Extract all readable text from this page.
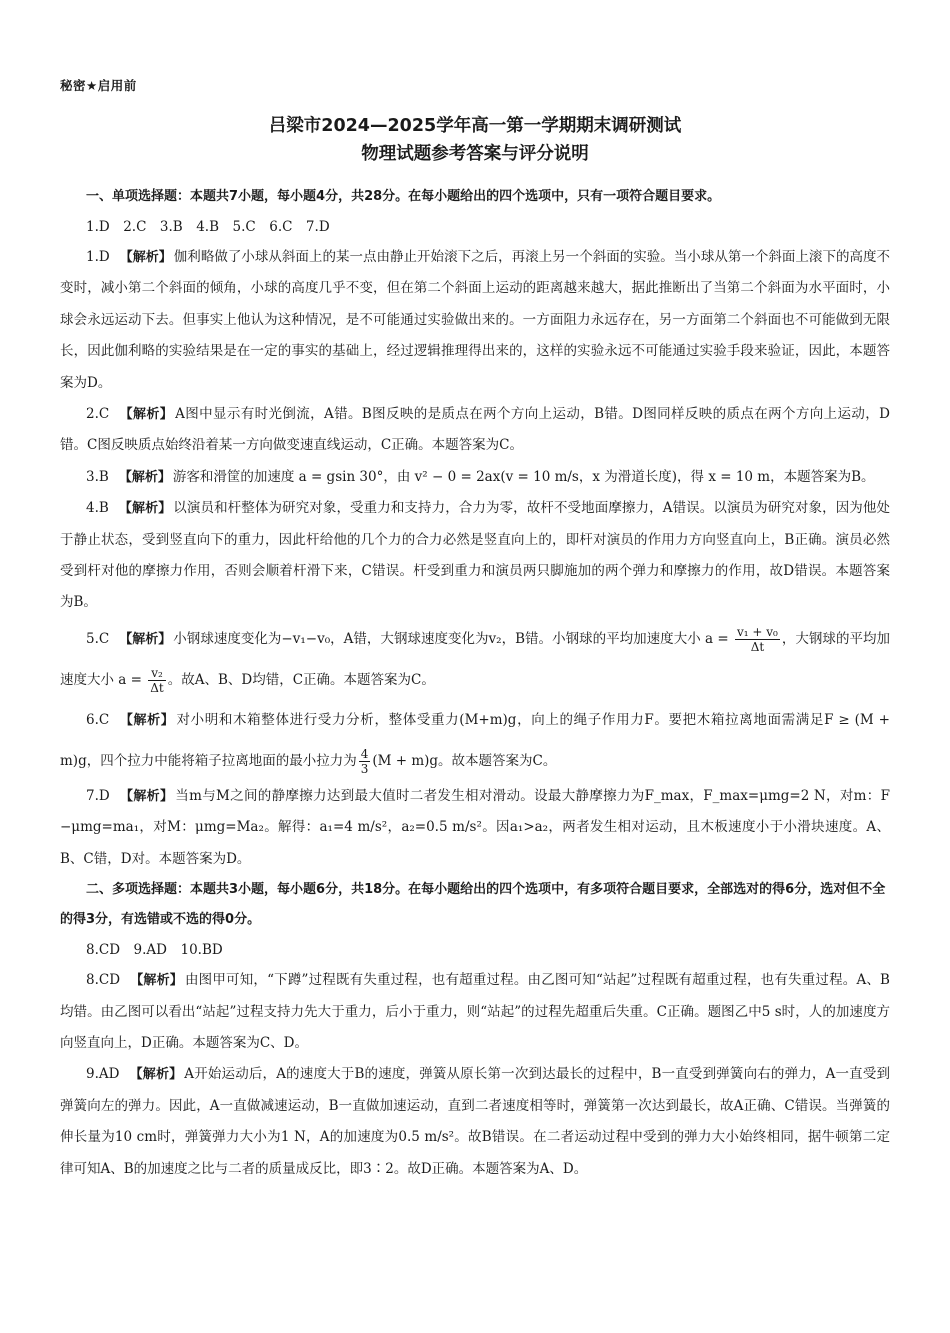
秘密★启用前
吕梁市2024—2025学年高一第一学期期末调研测试
物理试题参考答案与评分说明
一、单项选择题：本题共7小题，每小题4分，共28分。在每小题给出的四个选项中，只有一项符合题目要求。
1.D　2.C　3.B　4.B　5.C　6.C　7.D

1.D 【解析】 伽利略做了小球从斜面上的某一点由静止开始滚下之后，再滚上另一个斜面的实验。当小球从第一个斜面上滚下的高度不变时，减小第二个斜面的倾角，小球的高度几乎不变，但在第二个斜面上运动的距离越来越大，据此推断出了当第二个斜面为水平面时，小球会永远运动下去。但事实上他认为这种情况，是不可能通过实验做出来的。一方面阻力永远存在，另一方面第二个斜面也不可能做到无限长，因此伽利略的实验结果是在一定的事实的基础上，经过逻辑推理得出来的，这样的实验永远不可能通过实验手段来验证，因此，本题答案为D。

2.C 【解析】 A图中显示有时光倒流，A错。B图反映的是质点在两个方向上运动，B错。D图同样反映的质点在两个方向上运动，D错。C图反映质点始终沿着某一方向做变速直线运动，C正确。本题答案为C。

3.B 【解析】 游客和滑筐的加速度 a = gsin 30°，由 v² − 0 = 2ax(v = 10 m/s，x 为滑道长度)，得 x = 10 m，本题答案为B。

4.B 【解析】 以演员和杆整体为研究对象，受重力和支持力，合力为零，故杆不受地面摩擦力，A错误。以演员为研究对象，因为他处于静止状态，受到竖直向下的重力，因此杆给他的几个力的合力必然是竖直向上的，即杆对演员的作用力方向竖直向上，B正确。演员必然受到杆对他的摩擦力作用，否则会顺着杆滑下来，C错误。杆受到重力和演员两只脚施加的两个弹力和摩擦力的作用，故D错误。本题答案为B。

5.C 【解析】 小钢球速度变化为−v₁−v₀，A错，大钢球速度变化为v₂，B错。小钢球的平均加速度大小 $a = \frac{\text{v₁ + v₀}}{\Delta t}$ ，大钢球的平均加速度大小 $a = \frac{\text{v₂}}{\Delta t}$ 。故A、B、D均错，C正确。本题答案为C。

6.C 【解析】 对小明和木箱整体进行受力分析，整体受重力(M+m)g，向上的绳子作用力F。要把木箱拉离地面需满足F ≥ (M + m)g，四个拉力中能将箱子拉离地面的最小拉力为 $\frac{4}{3} (M + m)g$。故本题答案为C。

7.D 【解析】 当m与M之间的静摩擦力达到最大值时二者发生相对滑动。设最大静摩擦力为F_max，F_max=μmg=2 N，对m：F −μmg=ma₁，对M：μmg=Ma₂。解得：a₁=4 m/s²，a₂=0.5 m/s²。因a₁>a₂，两者发生相对运动，且木板速度小于小滑块速度。A、B、C错，D对。本题答案为D。

二、多项选择题：本题共3小题，每小题6分，共18分。在每小题给出的四个选项中，有多项符合题目要求，全部选对的得6分，选对但不全的得3分，有选错或不选的得0分。
8.CD　9.AD　10.BD

8.CD 【解析】 由图甲可知，“下蹲”过程既有失重过程，也有超重过程。由乙图可知“站起”过程既有超重过程，也有失重过程。A、B均错。由乙图可以看出“站起”过程支持力先大于重力，后小于重力，则“站起”的过程先超重后失重。C正确。题图乙中5 s时，人的加速度方向竖直向上，D正确。本题答案为C、D。

9.AD 【解析】 A开始运动后，A的速度大于B的速度，弹簧从原长第一次到达最长的过程中，B一直受到弹簧向右的弹力，A一直受到弹簧向左的弹力。因此，A一直做减速运动，B一直做加速运动，直到二者速度相等时，弹簧第一次达到最长，故A正确、C错误。当弹簧的伸长量为10 cm时，弹簧弹力大小为1 N，A的加速度为0.5 m/s²。故B错误。在二者运动过程中受到的弹力大小始终相同，据牛顿第二定律可知A、B的加速度之比与二者的质量成反比，即3∶2。故D正确。本题答案为A、D。
